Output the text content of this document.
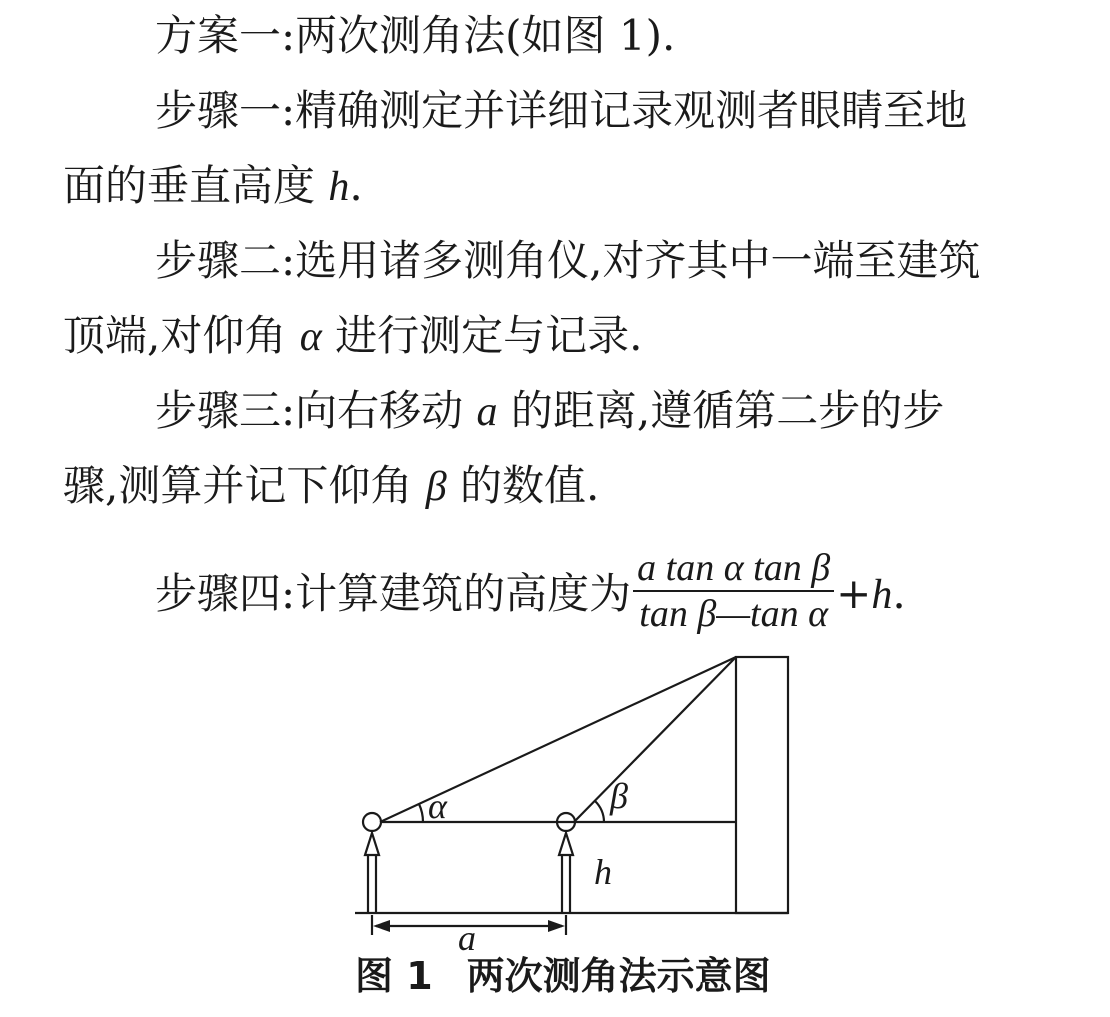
方案一:两次测角法(如图 1).
步骤一:精确测定并详细记录观测者眼睛至地
面的垂直高度 h.
步骤二:选用诸多测角仪,对齐其中一端至建筑
顶端,对仰角 α 进行测定与记录.
步骤三:向右移动 a 的距离,遵循第二步的步
骤,测算并记下仰角 β 的数值.
步骤四:计算建筑的高度为 $\frac{\text{a tan α tan β}}{\text{tan β—tan α}} +h$.
α	β
h
a
图 1 两次测角法示意图
